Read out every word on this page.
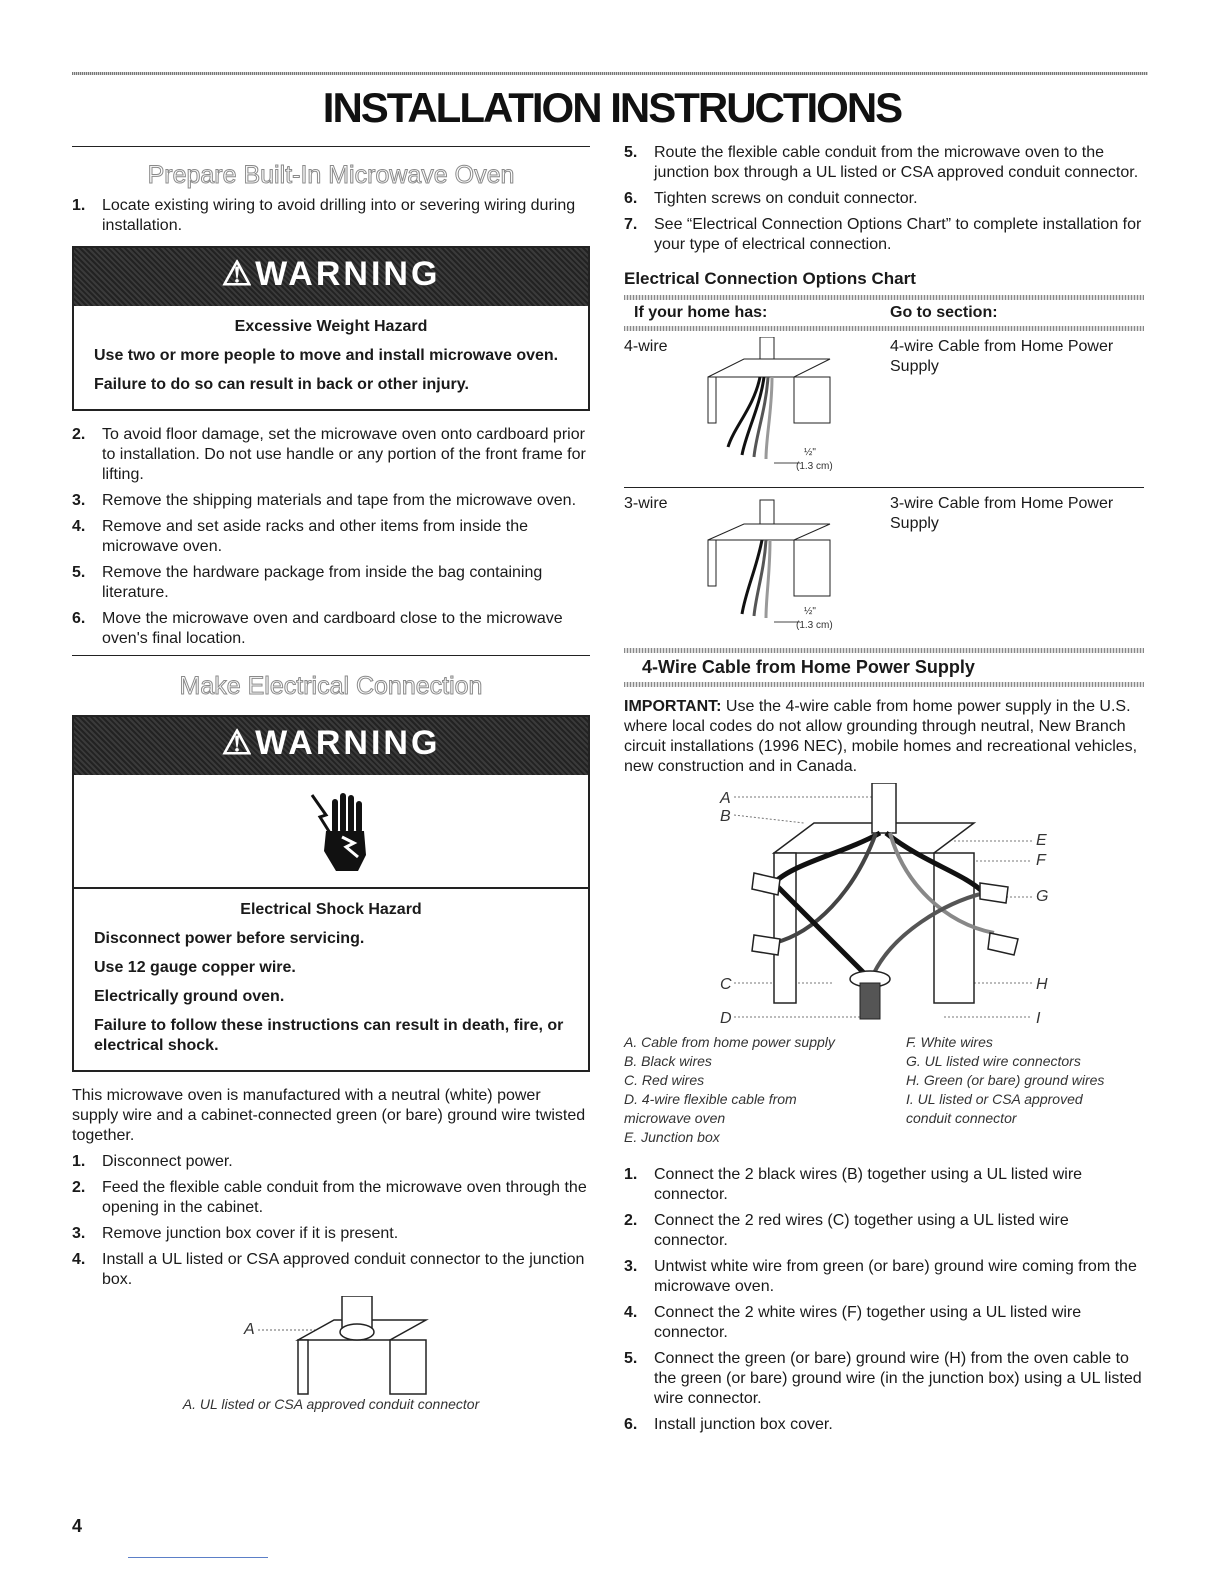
INSTALLATION INSTRUCTIONS
Prepare Built-In Microwave Oven
1. Locate existing wiring to avoid drilling into or severing wiring during installation.
⚠WARNING
Excessive Weight Hazard

Use two or more people to move and install microwave oven.

Failure to do so can result in back or other injury.

2. To avoid floor damage, set the microwave oven onto cardboard prior to installation. Do not use handle or any portion of the front frame for lifting.
3. Remove the shipping materials and tape from the microwave oven.
4. Remove and set aside racks and other items from inside the microwave oven.
5. Remove the hardware package from inside the bag containing literature.
6. Move the microwave oven and cardboard close to the microwave oven's final location.
Make Electrical Connection
⚠WARNING
Electrical Shock Hazard

Disconnect power before servicing.

Use 12 gauge copper wire.

Electrically ground oven.

Failure to follow these instructions can result in death, fire, or electrical shock.

This microwave oven is manufactured with a neutral (white) power supply wire and a cabinet-connected green (or bare) ground wire twisted together.

1. Disconnect power.
2. Feed the flexible cable conduit from the microwave oven through the opening in the cabinet.
3. Remove junction box cover if it is present.
4. Install a UL listed or CSA approved conduit connector to the junction box.
A
A. UL listed or CSA approved conduit connector
5. Route the flexible cable conduit from the microwave oven to the junction box through a UL listed or CSA approved conduit connector.
6. Tighten screws on conduit connector.
7. See “Electrical Connection Options Chart” to complete installation for your type of electrical connection.
Electrical Connection Options Chart
If your home has:	Go to section:
4-wire	4-wire Cable from Home Power Supply
½"
(1.3 cm)
3-wire	3-wire Cable from Home Power Supply
½"
(1.3 cm)
4-Wire Cable from Home Power Supply

IMPORTANT: Use the 4-wire cable from home power supply in the U.S. where local codes do not allow grounding through neutral, New Branch circuit installations (1996 NEC), mobile homes and recreational vehicles, new construction and in Canada.

A
B
C
D
E
F
G
H
I
A. Cable from home power supply
B. Black wires
C. Red wires
D. 4-wire flexible cable from microwave oven
E. Junction box
F. White wires
G. UL listed wire connectors
H. Green (or bare) ground wires
I. UL listed or CSA approved conduit connector
1. Connect the 2 black wires (B) together using a UL listed wire connector.
2. Connect the 2 red wires (C) together using a UL listed wire connector.
3. Untwist white wire from green (or bare) ground wire coming from the microwave oven.
4. Connect the 2 white wires (F) together using a UL listed wire connector.
5. Connect the green (or bare) ground wire (H) from the oven cable to the green (or bare) ground wire (in the junction box) using a UL listed wire connector.
6. Install junction box cover.
4
